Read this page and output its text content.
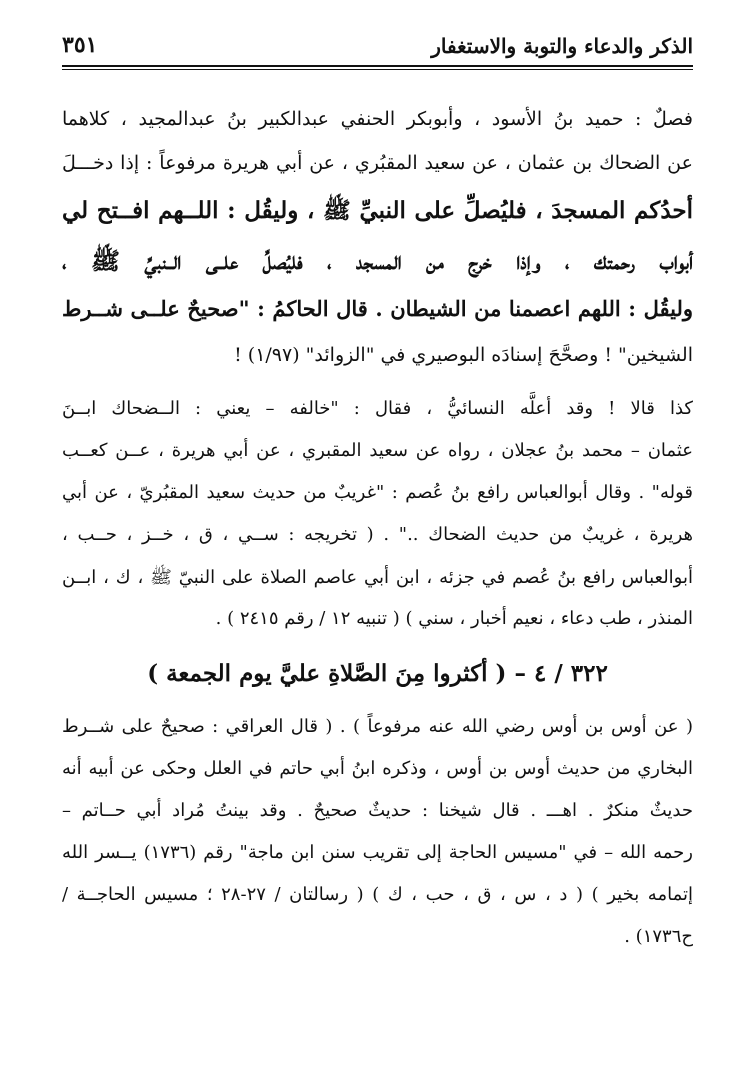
الذكر والدعاء والتوبة والاستغفار
٣٥١
فصلٌ : حميد بنُ الأسود ، وأبوبكر الحنفي عبدالكبير بنُ عبدالمجيد ، كلاهما
عن الضحاك بن عثمان ، عن سعيد المقبُري ، عن أبي هريرة مرفوعاً : إذا دخـــلَ
أحدُكم المسجدَ ، فليُصلِّ على النبيِّ ﷺ ، وليقُل : اللــهم افــتح لي
أبواب رحمتك ، وإذا خرج من المسجد ، فليُصلِّ علــى الــنبيِّ ﷺ ،
وليقُل : اللهم اعصمنا من الشيطان . قال الحاكمُ : "صحيحٌ علــى شــرط
الشيخين" ! وصحَّحَ إسنادَه البوصيري في "الزوائد" (١/٩٧) !
كذا قالا ! وقد أعلَّه النسائيُّ ، فقال : "خالفه – يعني : الــضحاك ابــنَ
عثمان – محمد بنُ عجلان ، رواه عن سعيد المقبري ، عن أبي هريرة ، عــن كعــب
قوله" . وقال أبوالعباس رافع بنُ عُصم : "غريبٌ من حديث سعيد المقبُريّ ، عن أبي
هريرة ، غريبٌ من حديث الضحاك .." . ( تخريجه : ســي ، ق ، خــز ، حــب ،
أبوالعباس رافع بنُ عُصم في جزئه ، ابن أبي عاصم الصلاة على النبيّ ﷺ ، ك ، ابــن
المنذر ، طب دعاء ، نعيم أخبار ، سني ) ( تنبيه ١٢ / رقم ٢٤١٥ ) .
٣٢٢ / ٤ – ( أكثروا مِنَ الصَّلاةِ عليَّ يوم الجمعة )
( عن أوس بن أوس رضي الله عنه مرفوعاً ) . ( قال العراقي : صحيحٌ على شــرط
البخاري من حديث أوس بن أوس ، وذكره ابنُ أبي حاتم في العلل وحكى عن أبيه أنه
حديثٌ منكرٌ . اهـــ . قال شيخنا : حديثٌ صحيحٌ . وقد بينتُ مُراد أبي حــاتم –
رحمه الله – في "مسيس الحاجة إلى تقريب سنن ابن ماجة" رقم (١٧٣٦) يــسر الله
إتمامه بخير ) ( د ، س ، ق ، حب ، ك ) ( رسالتان / ٢٧-٢٨ ؛ مسيس الحاجــة /
ح١٧٣٦) .
